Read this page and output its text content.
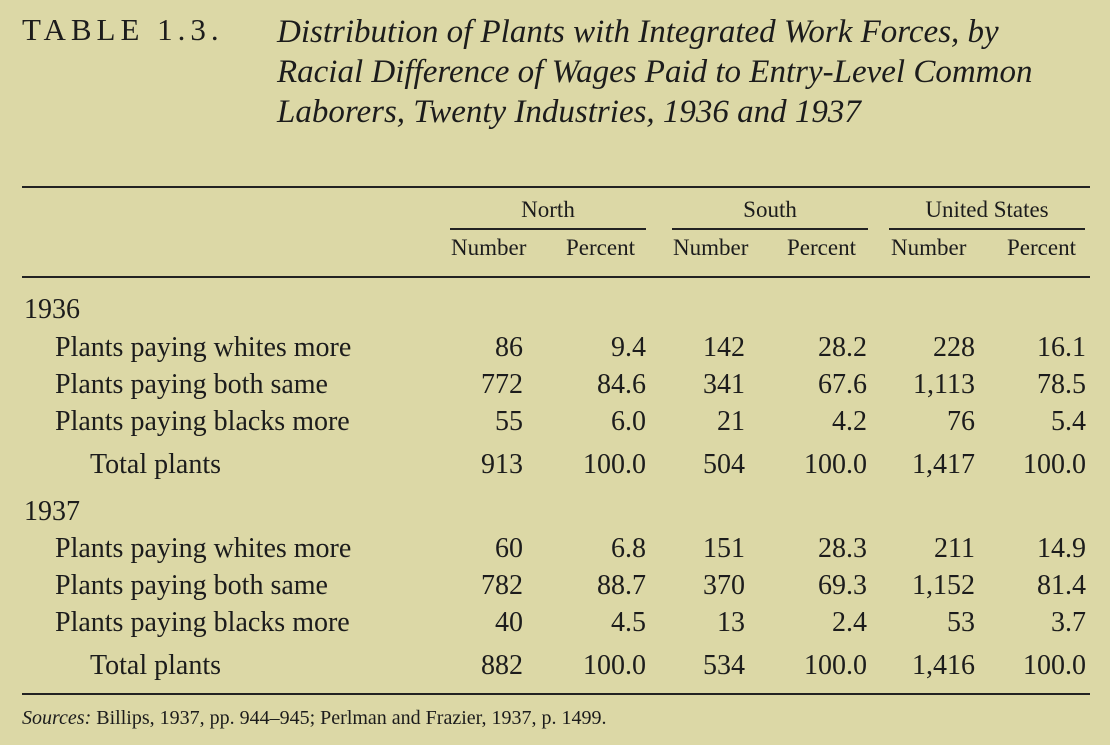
TABLE 1.3. Distribution of Plants with Integrated Work Forces, by Racial Difference of Wages Paid to Entry-Level Common Laborers, Twenty Industries, 1936 and 1937
North	South	United States
Number Percent Number Percent Number Percent
1936
Plants paying whites more	86	9.4 142	28.2 228 16.1
Plants paying both same	772	84.6 341	67.6 1,113 78.5
Plants paying blacks more	55	6.0	21	4.2	76	5.4
Total plants	913 100.0 504 100.0 1,417 100.0
1937
Plants paying whites more	60	6.8 151	28.3 211 14.9
Plants paying both same	782	88.7 370	69.3 1,152 81.4
Plants paying blacks more	40	4.5	13	2.4	53	3.7
Total plants	882 100.0 534 100.0 1,416 100.0
Sources: Billips, 1937, pp. 944–945; Perlman and Frazier, 1937, p. 1499.
